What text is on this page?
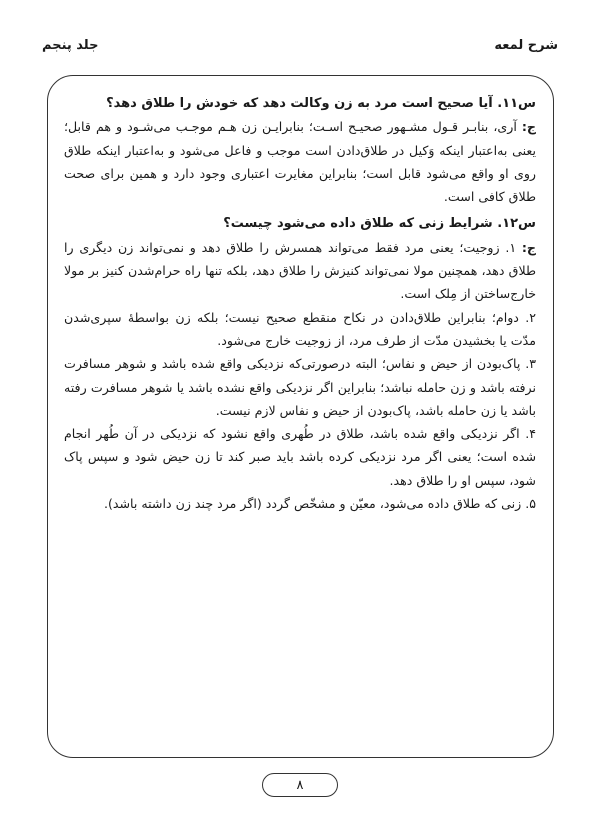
شرح لمعه
جلد پنجم

س۱۱. آیا صحیح است مرد به زن وکالت دهد که خودش را طلاق دهد؟

ج: آری، بنابـر قـول مشـهور صحیـح اسـت؛ بنابرایـن زن هـم موجـب می‌شـود و هم قابل؛ یعنی به‌اعتبار اینکه وَکیل در طلاق‌دادن است موجب و فاعل می‌شود و به‌اعتبار اینکه طلاق روی او واقع می‌شود قابل است؛ بنابراین مغایرت اعتباری وجود دارد و همین برای صحت طلاق کافی است.

س۱۲. شرایط زنی که طلاق داده می‌شود چیست؟

ج: ۱. زوجیت؛ یعنی مرد فقط می‌تواند همسرش را طلاق دهد و نمی‌تواند زن دیگری را طلاق دهد، همچنین مولا نمی‌تواند کنیزش را طلاق دهد، بلکه تنها راه حرام‌شدن کنیز بر مولا خارج‌ساختن از مِلک است.

۲. دوام؛ بنابراین طلاق‌دادن در نکاح منقطع صحیح نیست؛ بلکه زن بواسطهٔ سپری‌شدن مدّت یا بخشیدن مدّت از طرف مرد، از زوجیت خارج می‌شود.

۳. پاک‌بودن از حیض و نفاس؛ البته درصورتی‌که نزدیکی واقع شده باشد و شوهر مسافرت نرفته باشد و زن حامله نباشد؛ بنابراین اگر نزدیکی واقع نشده باشد یا شوهر مسافرت رفته باشد یا زن حامله باشد، پاک‌بودن از حیض و نفاس لازم نیست.

۴. اگر نزدیکی واقع شده باشد، طلاق در طُهری واقع نشود که نزدیکی در آن طُهر انجام شده است؛ یعنی اگر مرد نزدیکی کرده باشد باید صبر کند تا زن حیض شود و سپس پاک شود، سپس او را طلاق دهد.

۵. زنی که طلاق داده می‌شود، معیّن و مشخّص گردد (اگر مرد چند زن داشته باشد).

۸
